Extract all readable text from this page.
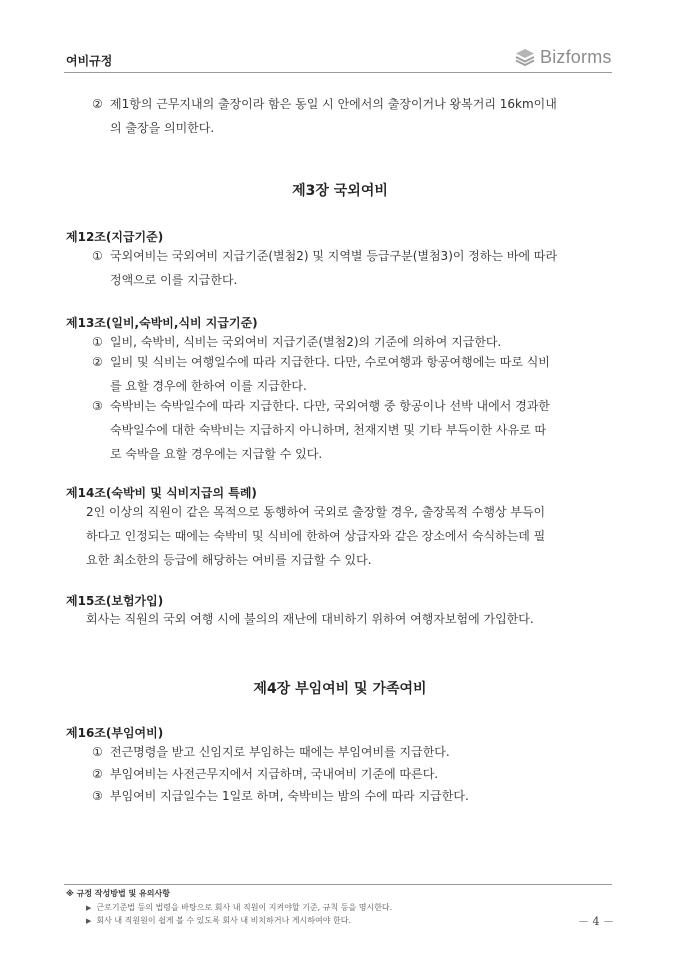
여비규정	Bizforms
② 제1항의 근무지내의 출장이라 함은 동일 시 안에서의 출장이거나 왕복거리 16km이내
의 출장을 의미한다.
제3장 국외여비
제12조(지급기준)
① 국외여비는 국외여비 지급기준(별첨2) 및 지역별 등급구분(별첨3)이 정하는 바에 따라
정액으로 이를 지급한다.
제13조(일비,숙박비,식비 지급기준)
① 일비, 숙박비, 식비는 국외여비 지급기준(별첨2)의 기준에 의하여 지급한다.
② 일비 및 식비는 여행일수에 따라 지급한다. 다만, 수로여행과 항공여행에는 따로 식비
를 요할 경우에 한하여 이를 지급한다.
③ 숙박비는 숙박일수에 따라 지급한다. 다만, 국외여행 중 항공이나 선박 내에서 경과한
숙박일수에 대한 숙박비는 지급하지 아니하며, 천재지변 및 기타 부득이한 사유로 따
로 숙박을 요할 경우에는 지급할 수 있다.
제14조(숙박비 및 식비지급의 특례)
2인 이상의 직원이 같은 목적으로 동행하여 국외로 출장할 경우, 출장목적 수행상 부득이
하다고 인정되는 때에는 숙박비 및 식비에 한하여 상급자와 같은 장소에서 숙식하는데 필
요한 최소한의 등급에 해당하는 여비를 지급할 수 있다.
제15조(보험가입)
회사는 직원의 국외 여행 시에 불의의 재난에 대비하기 위하여 여행자보험에 가입한다.
제4장 부임여비 및 가족여비
제16조(부임여비)
① 전근명령을 받고 신임지로 부임하는 때에는 부임여비를 지급한다.
② 부임여비는 사전근무지에서 지급하며, 국내여비 기준에 따른다.
③ 부임여비 지급일수는 1일로 하며, 숙박비는 밤의 수에 따라 지급한다.
※ 규정 작성방법 및 유의사항
▶ 근로기준법 등의 법령을 바탕으로 회사 내 직원이 지켜야할 기준, 규칙 등을 명시한다.
▶ 회사 내 직원원이 쉽게 볼 수 있도록 회사 내 비치하거나 게시하여야 한다.	－ 4 －
